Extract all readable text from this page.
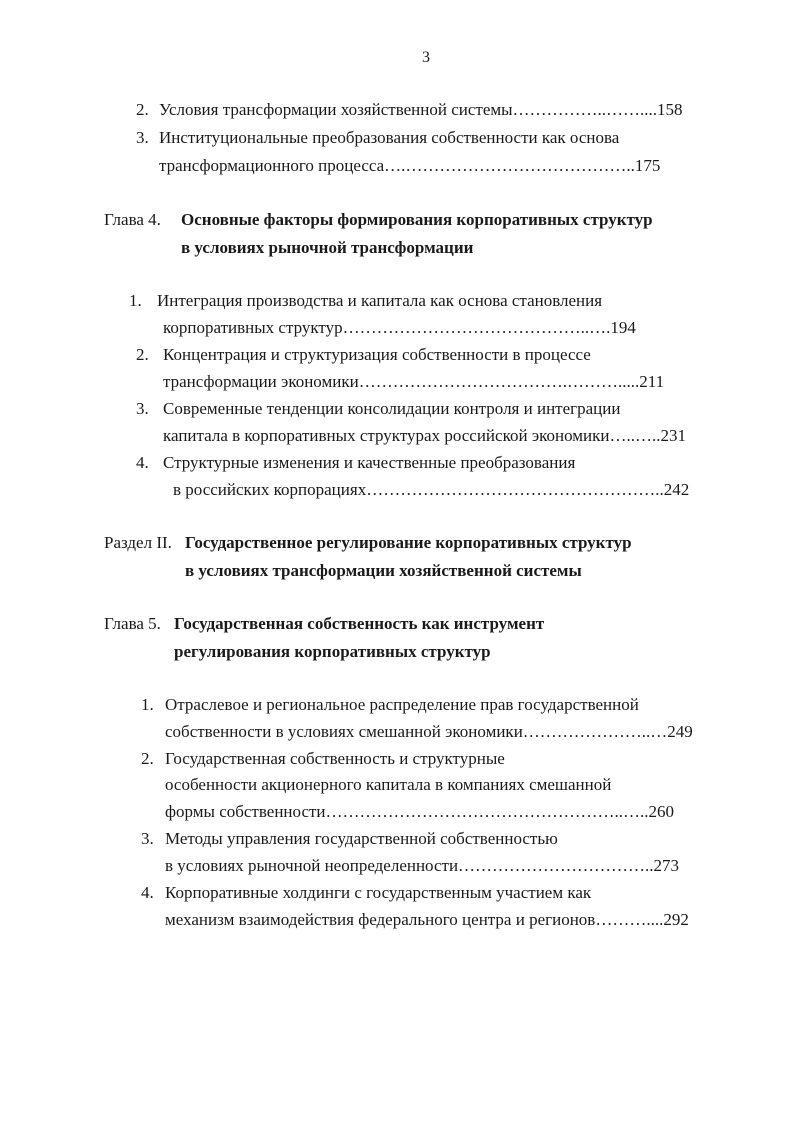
3
2. Условия трансформации хозяйственной системы……………..……....158
3. Институциональные преобразования собственности как основа
трансформационного процесса….…………………………………..175
Глава 4. Основные факторы формирования корпоративных структур
в условиях рыночной трансформации
1. Интеграция производства и капитала как основа становления
корпоративных структур……………………………………..….194
2. Концентрация и структуризация собственности в процессе
трансформации экономики……………………………….……….....211
3. Современные тенденции консолидации контроля и интеграции
капитала в корпоративных структурах российской экономики…..…..231
4. Структурные изменения и качественные преобразования
в российских корпорациях……………………………………………..242
Раздел II. Государственное регулирование корпоративных структур
в условиях трансформации хозяйственной системы
Глава 5. Государственная собственность как инструмент
регулирования корпоративных структур
1. Отраслевое и региональное распределение прав государственной
собственности в условиях смешанной экономики…………………..…249
2. Государственная собственность и структурные
особенности акционерного капитала в компаниях смешанной
формы собственности……………………………………………..…..260
3. Методы управления государственной собственностью
в условиях рыночной неопределенности……………………………..273
4. Корпоративные холдинги с государственным участием как
механизм взаимодействия федерального центра и регионов………....292
